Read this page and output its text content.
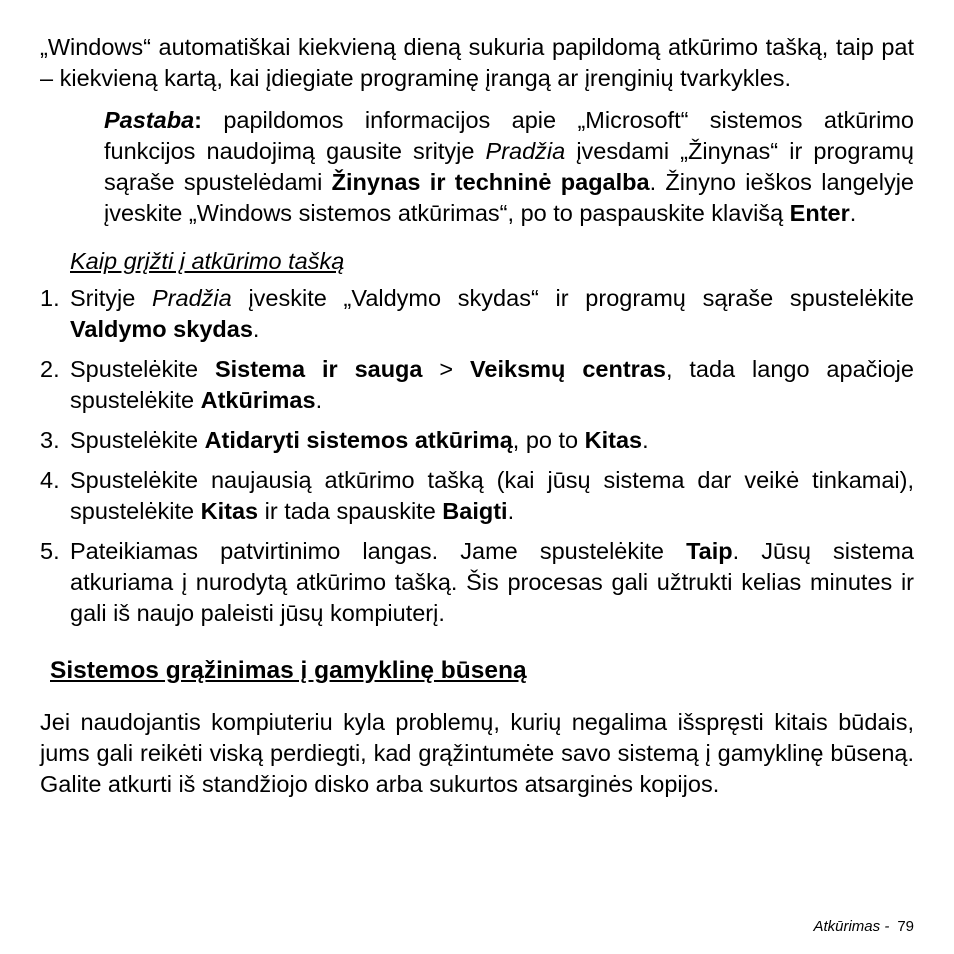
„Windows“ automatiškai kiekvieną dieną sukuria papildomą atkūrimo tašką, taip pat – kiekvieną kartą, kai įdiegiate programinę įrangą ar įrenginių tvarkykles.

Pastaba: papildomos informacijos apie „Microsoft“ sistemos atkūrimo funkcijos naudojimą gausite srityje Pradžia įvesdami „Žinynas“ ir programų sąraše spustelėdami Žinynas ir techninė pagalba. Žinyno ieškos langelyje įveskite „Windows sistemos atkūrimas“, po to paspauskite klavišą Enter.

Kaip grįžti į atkūrimo tašką

1. Srityje Pradžia įveskite „Valdymo skydas“ ir programų sąraše spustelėkite Valdymo skydas.
2. Spustelėkite Sistema ir sauga > Veiksmų centras, tada lango apačioje spustelėkite Atkūrimas.
3. Spustelėkite Atidaryti sistemos atkūrimą, po to Kitas.
4. Spustelėkite naujausią atkūrimo tašką (kai jūsų sistema dar veikė tinkamai), spustelėkite Kitas ir tada spauskite Baigti.
5. Pateikiamas patvirtinimo langas. Jame spustelėkite Taip. Jūsų sistema atkuriama į nurodytą atkūrimo tašką. Šis procesas gali užtrukti kelias minutes ir gali iš naujo paleisti jūsų kompiuterį.

Sistemos grąžinimas į gamyklinę būseną

Jei naudojantis kompiuteriu kyla problemų, kurių negalima išspręsti kitais būdais, jums gali reikėti viską perdiegti, kad grąžintumėte savo sistemą į gamyklinę būseną. Galite atkurti iš standžiojo disko arba sukurtos atsarginės kopijos.

Atkūrimas - 79
